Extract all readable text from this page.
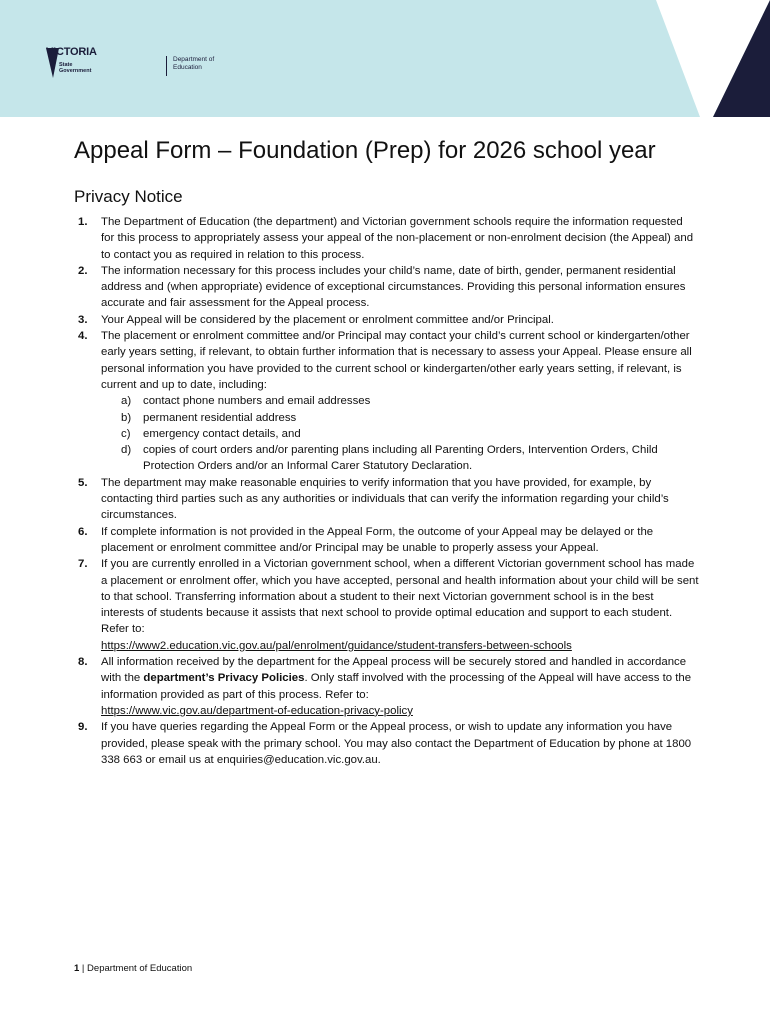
VICTORIA
State Government
Department of Education
Appeal Form – Foundation (Prep) for 2026 school year
Privacy Notice
1. The Department of Education (the department) and Victorian government schools require the information requested for this process to appropriately assess your appeal of the non-placement or non-enrolment decision (the Appeal) and to contact you as required in relation to this process.
2. The information necessary for this process includes your child’s name, date of birth, gender, permanent residential address and (when appropriate) evidence of exceptional circumstances. Providing this personal information ensures accurate and fair assessment for the Appeal process.
3. Your Appeal will be considered by the placement or enrolment committee and/or Principal.
4. The placement or enrolment committee and/or Principal may contact your child’s current school or kindergarten/other early years setting, if relevant, to obtain further information that is necessary to assess your Appeal. Please ensure all personal information you have provided to the current school or kindergarten/other early years setting, if relevant, is current and up to date, including:
a) contact phone numbers and email addresses
b) permanent residential address
c) emergency contact details, and
d) copies of court orders and/or parenting plans including all Parenting Orders, Intervention Orders, Child Protection Orders and/or an Informal Carer Statutory Declaration.
5. The department may make reasonable enquiries to verify information that you have provided, for example, by contacting third parties such as any authorities or individuals that can verify the information regarding your child’s circumstances.
6. If complete information is not provided in the Appeal Form, the outcome of your Appeal may be delayed or the placement or enrolment committee and/or Principal may be unable to properly assess your Appeal.
7. If you are currently enrolled in a Victorian government school, when a different Victorian government school has made a placement or enrolment offer, which you have accepted, personal and health information about your child will be sent to that school. Transferring information about a student to their next Victorian government school is in the best interests of students because it assists that next school to provide optimal education and support to each student. Refer to:
https://www2.education.vic.gov.au/pal/enrolment/guidance/student-transfers-between-schools
8. All information received by the department for the Appeal process will be securely stored and handled in accordance with the department’s Privacy Policies. Only staff involved with the processing of the Appeal will have access to the information provided as part of this process. Refer to:
https://www.vic.gov.au/department-of-education-privacy-policy
9. If you have queries regarding the Appeal Form or the Appeal process, or wish to update any information you have provided, please speak with the primary school. You may also contact the Department of Education by phone at 1800 338 663 or email us at enquiries@education.vic.gov.au.
1 | Department of Education
